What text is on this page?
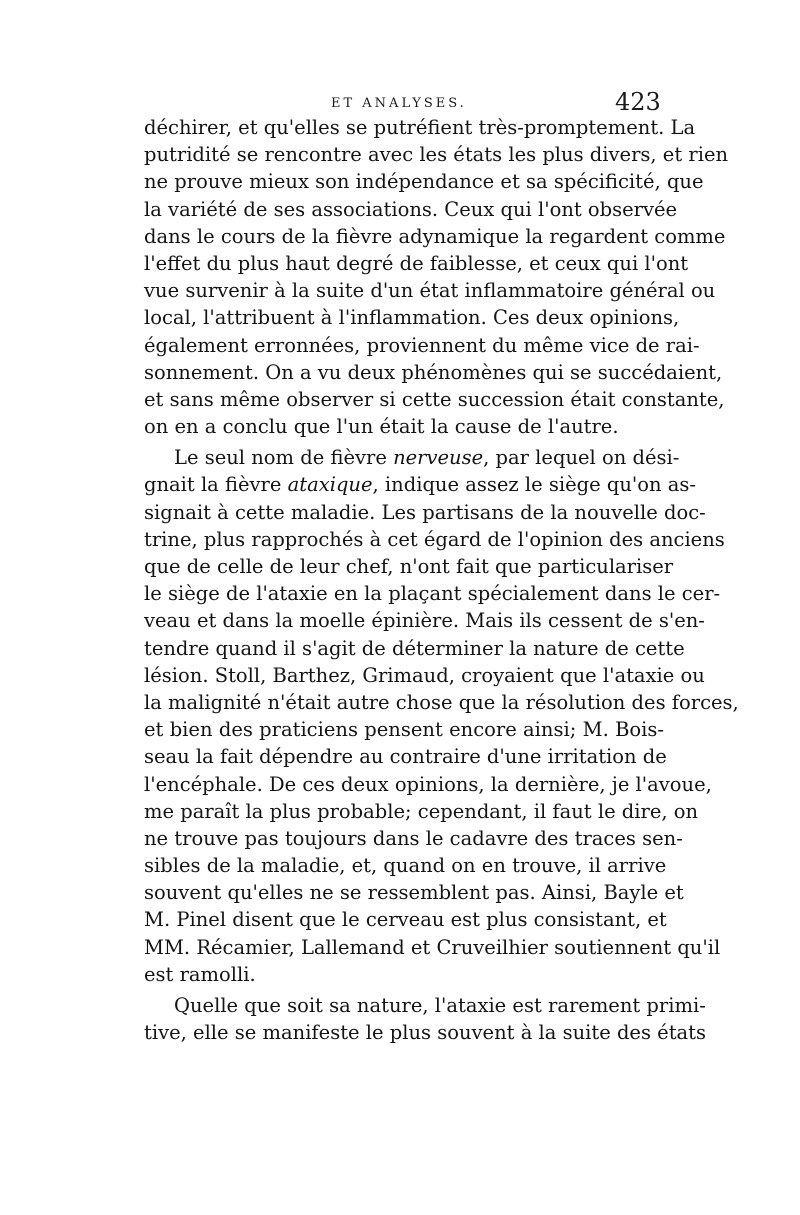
ET ANALYSES.	423
déchirer, et qu'elles se putréfient très-promptement. La
putridité se rencontre avec les états les plus divers, et rien
ne prouve mieux son indépendance et sa spécificité, que
la variété de ses associations. Ceux qui l'ont observée
dans le cours de la fièvre adynamique la regardent comme
l'effet du plus haut degré de faiblesse, et ceux qui l'ont
vue survenir à la suite d'un état inflammatoire général ou
local, l'attribuent à l'inflammation. Ces deux opinions,
également erronnées, proviennent du même vice de rai-
sonnement. On a vu deux phénomènes qui se succédaient,
et sans même observer si cette succession était constante,
on en a conclu que l'un était la cause de l'autre.
Le seul nom de fièvre nerveuse, par lequel on dési-
gnait la fièvre ataxique, indique assez le siège qu'on as-
signait à cette maladie. Les partisans de la nouvelle doc-
trine, plus rapprochés à cet égard de l'opinion des anciens
que de celle de leur chef, n'ont fait que particulariser
le siège de l'ataxie en la plaçant spécialement dans le cer-
veau et dans la moelle épinière. Mais ils cessent de s'en-
tendre quand il s'agit de déterminer la nature de cette
lésion. Stoll, Barthez, Grimaud, croyaient que l'ataxie ou
la malignité n'était autre chose que la résolution des forces,
et bien des praticiens pensent encore ainsi; M. Bois-
seau la fait dépendre au contraire d'une irritation de
l'encéphale. De ces deux opinions, la dernière, je l'avoue,
me paraît la plus probable; cependant, il faut le dire, on
ne trouve pas toujours dans le cadavre des traces sen-
sibles de la maladie, et, quand on en trouve, il arrive
souvent qu'elles ne se ressemblent pas. Ainsi, Bayle et
M. Pinel disent que le cerveau est plus consistant, et
MM. Récamier, Lallemand et Cruveilhier soutiennent qu'il
est ramolli.
Quelle que soit sa nature, l'ataxie est rarement primi-
tive, elle se manifeste le plus souvent à la suite des états
